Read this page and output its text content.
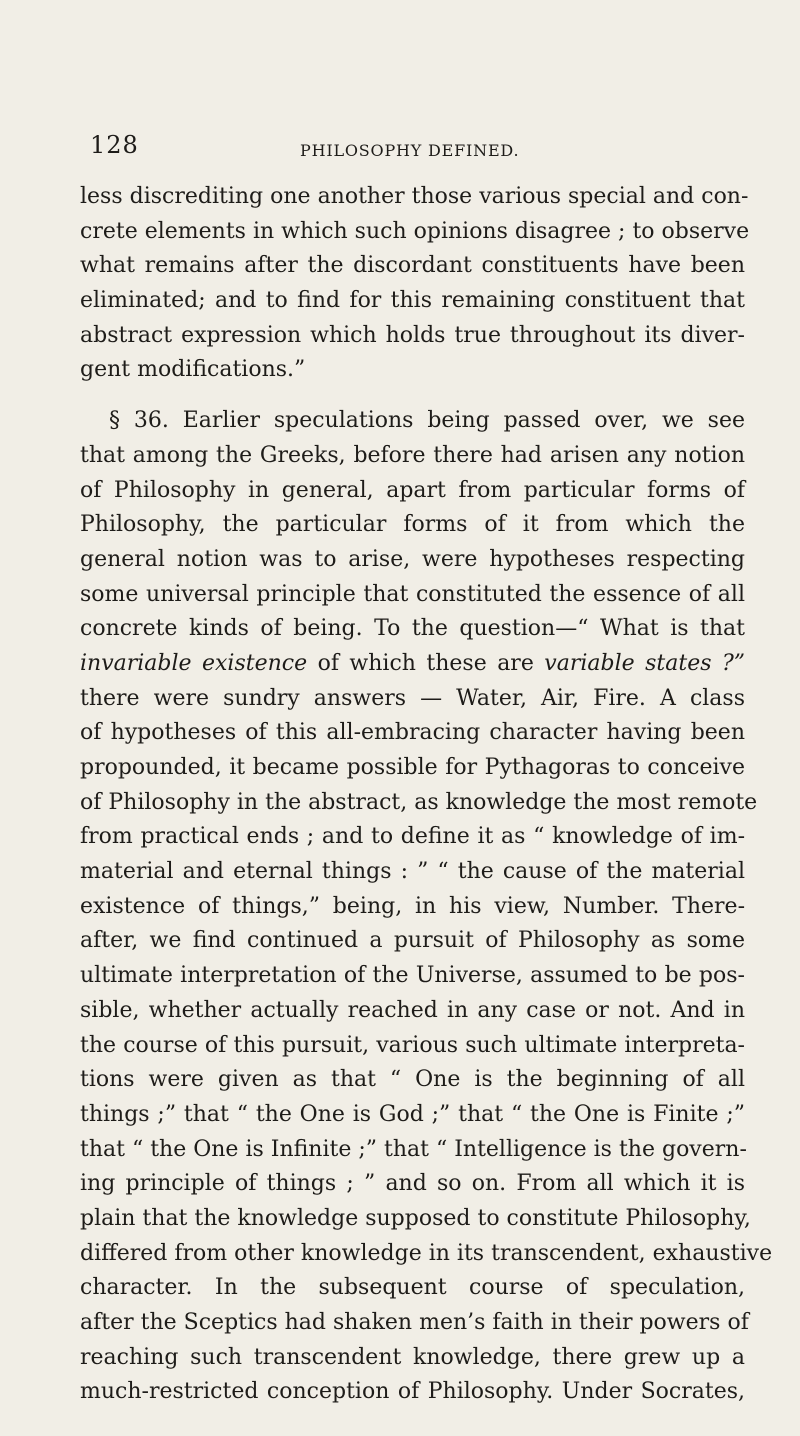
128	PHILOSOPHY DEFINED.
less discrediting one another those various special and con-
crete elements in which such opinions disagree ; to observe
what remains after the discordant constituents have been
eliminated; and to find for this remaining constituent that
abstract expression which holds true throughout its diver-
gent modifications.”
§ 36. Earlier speculations being passed over, we see
that among the Greeks, before there had arisen any notion
of Philosophy in general, apart from particular forms of
Philosophy, the particular forms of it from which the
general notion was to arise, were hypotheses respecting
some universal principle that constituted the essence of all
concrete kinds of being. To the question—“ What is that
invariable existence of which these are variable states ?”
there were sundry answers — Water, Air, Fire. A class
of hypotheses of this all-embracing character having been
propounded, it became possible for Pythagoras to conceive
of Philosophy in the abstract, as knowledge the most remote
from practical ends ; and to define it as “ knowledge of im-
material and eternal things : ” “ the cause of the material
existence of things,” being, in his view, Number. There-
after, we find continued a pursuit of Philosophy as some
ultimate interpretation of the Universe, assumed to be pos-
sible, whether actually reached in any case or not. And in
the course of this pursuit, various such ultimate interpreta-
tions were given as that “ One is the beginning of all
things ;” that “ the One is God ;” that “ the One is Finite ;”
that “ the One is Infinite ;” that “ Intelligence is the govern-
ing principle of things ; ” and so on. From all which it is
plain that the knowledge supposed to constitute Philosophy,
differed from other knowledge in its transcendent, exhaustive
character. In the subsequent course of speculation,
after the Sceptics had shaken men’s faith in their powers of
reaching such transcendent knowledge, there grew up a
much-restricted conception of Philosophy. Under Socrates,
